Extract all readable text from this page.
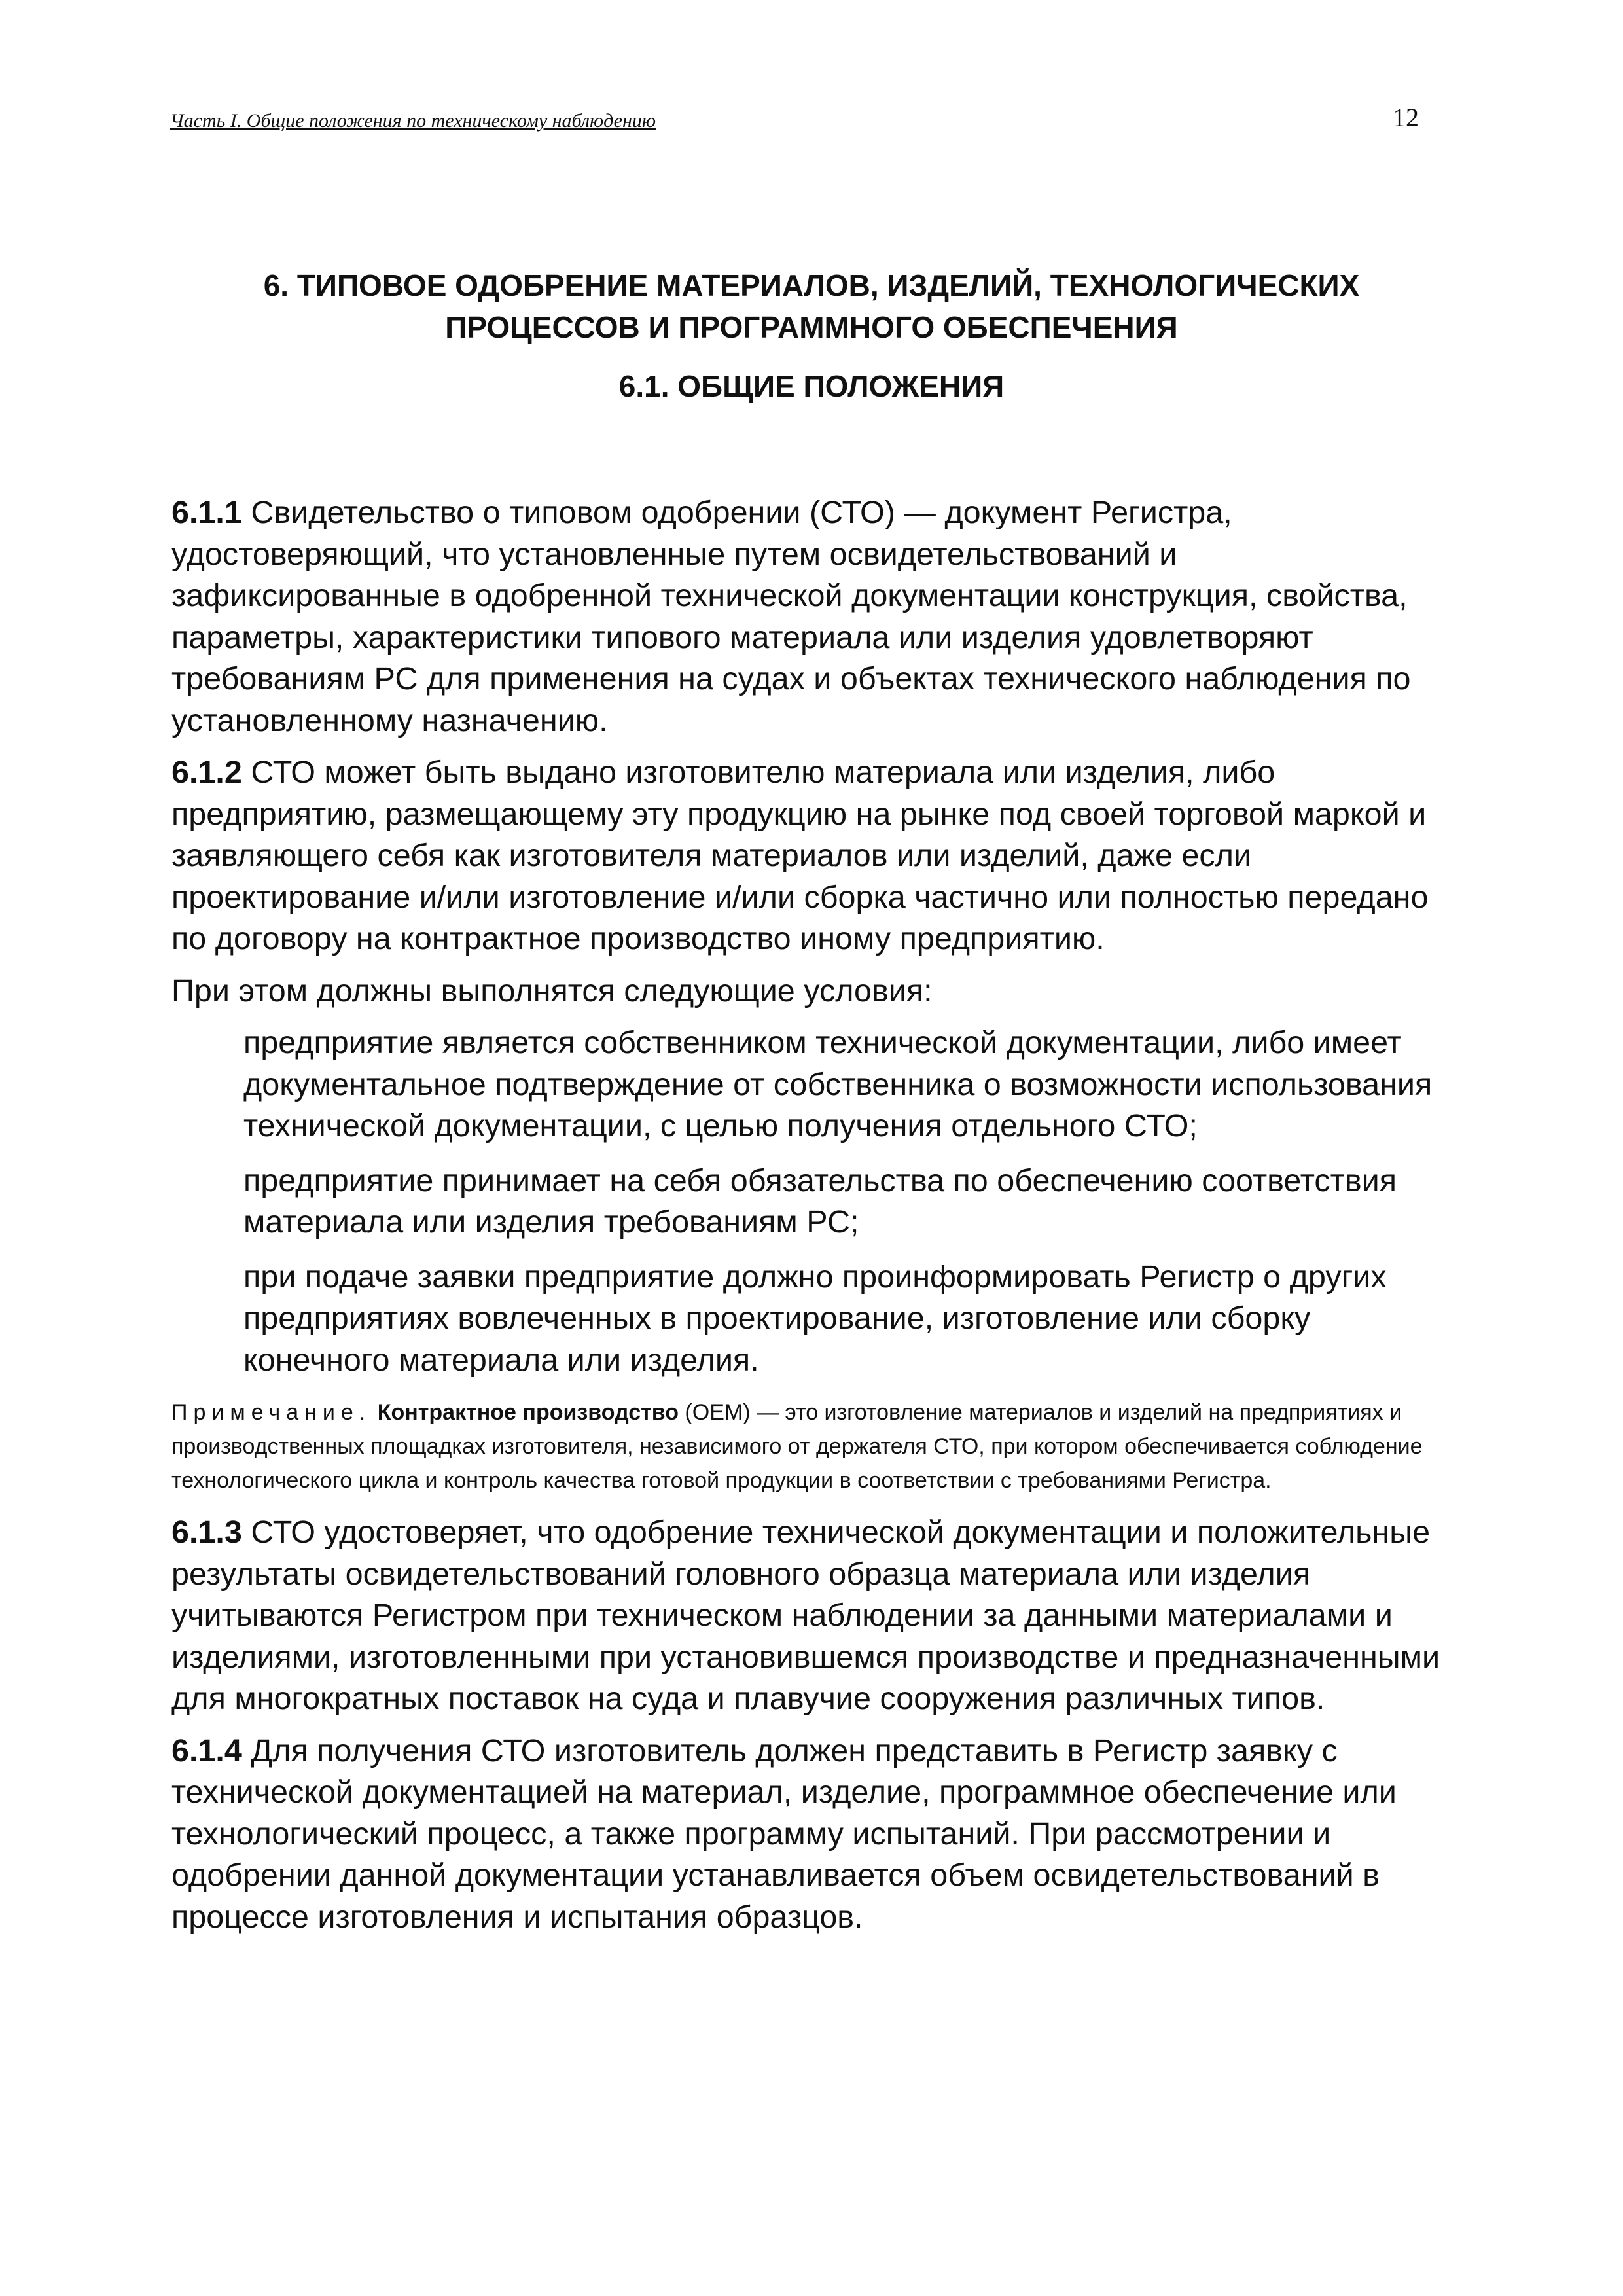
Часть I. Общие положения по техническому наблюдению	12
6. ТИПОВОЕ ОДОБРЕНИЕ МАТЕРИАЛОВ, ИЗДЕЛИЙ, ТЕХНОЛОГИЧЕСКИХ
ПРОЦЕССОВ И ПРОГРАММНОГО ОБЕСПЕЧЕНИЯ
6.1. ОБЩИЕ ПОЛОЖЕНИЯ

6.1.1 Свидетельство о типовом одобрении (СТО) — документ Регистра, удостоверяющий, что установленные путем освидетельствований и зафиксированные в одобренной технической документации конструкция, свойства, параметры, характеристики типового материала или изделия удовлетворяют требованиям РС для применения на судах и объектах технического наблюдения по установленному назначению.

6.1.2 СТО может быть выдано изготовителю материала или изделия, либо предприятию, размещающему эту продукцию на рынке под своей торговой маркой и заявляющего себя как изготовителя материалов или изделий, даже если проектирование и/или изготовление и/или сборка частично или полностью передано по договору на контрактное производство иному предприятию.

При этом должны выполнятся следующие условия:

предприятие является собственником технической документации, либо имеет документальное подтверждение от собственника о возможности использования технической документации, с целью получения отдельного СТО;
предприятие принимает на себя обязательства по обеспечению соответствия материала или изделия требованиям РС;
при подаче заявки предприятие должно проинформировать Регистр о других предприятиях вовлеченных в проектирование, изготовление или сборку конечного материала или изделия.

Примечание. Контрактное производство (ОЕМ) — это изготовление материалов и изделий на предприятиях и производственных площадках изготовителя, независимого от держателя СТО, при котором обеспечивается соблюдение технологического цикла и контроль качества готовой продукции в соответствии с требованиями Регистра.

6.1.3 СТО удостоверяет, что одобрение технической документации и положительные результаты освидетельствований головного образца материала или изделия учитываются Регистром при техническом наблюдении за данными материалами и изделиями, изготовленными при установившемся производстве и предназначенными для многократных поставок на суда и плавучие сооружения различных типов.

6.1.4 Для получения СТО изготовитель должен представить в Регистр заявку с технической документацией на материал, изделие, программное обеспечение или технологический процесс, а также программу испытаний. При рассмотрении и одобрении данной документации устанавливается объем освидетельствований в процессе изготовления и испытания образцов.
